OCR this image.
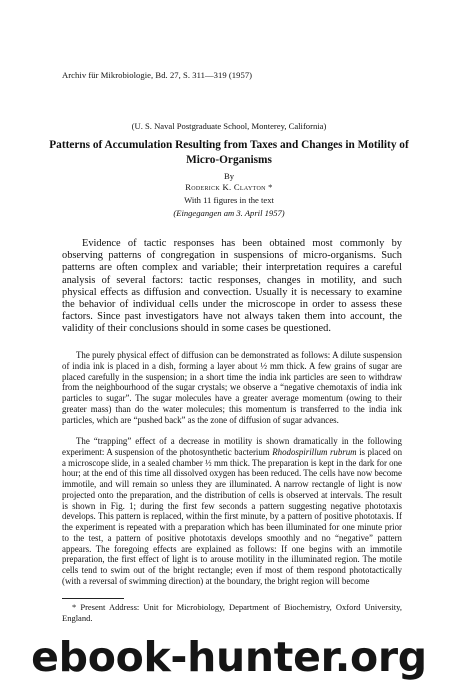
Archiv für Mikrobiologie, Bd. 27, S. 311—319 (1957)
(U. S. Naval Postgraduate School, Monterey, California)
Patterns of Accumulation Resulting from Taxes and Changes in Motility of Micro-Organisms
By
Roderick K. Clayton *
With 11 figures in the text
(Eingegangen am 3. April 1957)

Evidence of tactic responses has been obtained most commonly by observing patterns of congregation in suspensions of micro-organisms. Such patterns are often complex and variable; their interpretation requires a careful analysis of several factors: tactic responses, changes in motility, and such physical effects as diffusion and convection. Usually it is necessary to examine the behavior of individual cells under the microscope in order to assess these factors. Since past investigators have not always taken them into account, the validity of their conclusions should in some cases be questioned.

The purely physical effect of diffusion can be demonstrated as follows: A dilute suspension of india ink is placed in a dish, forming a layer about ½ mm thick. A few grains of sugar are placed carefully in the suspension; in a short time the india ink particles are seen to withdraw from the neighbourhood of the sugar crystals; we observe a “negative chemotaxis of india ink particles to sugar”. The sugar molecules have a greater average momentum (owing to their greater mass) than do the water molecules; this momentum is transferred to the india ink particles, which are “pushed back” as the zone of diffusion of sugar advances.

The “trapping” effect of a decrease in motility is shown dramatically in the following experiment: A suspension of the photosynthetic bacterium Rhodospirillum rubrum is placed on a microscope slide, in a sealed chamber ½ mm thick. The preparation is kept in the dark for one hour; at the end of this time all dissolved oxygen has been reduced. The cells have now become immotile, and will remain so unless they are illuminated. A narrow rectangle of light is now projected onto the preparation, and the distribution of cells is observed at intervals. The result is shown in Fig. 1; during the first few seconds a pattern suggesting negative phototaxis develops. This pattern is replaced, within the first minute, by a pattern of positive phototaxis. If the experiment is repeated with a preparation which has been illuminated for one minute prior to the test, a pattern of positive phototaxis develops smoothly and no “negative” pattern appears. The foregoing effects are explained as follows: If one begins with an immotile preparation, the first effect of light is to arouse motility in the illuminated region. The motile cells tend to swim out of the bright rectangle; even if most of them respond phototactically (with a reversal of swimming direction) at the boundary, the bright region will become

* Present Address: Unit for Microbiology, Department of Biochemistry, Oxford University, England.

ebook-hunter.org
